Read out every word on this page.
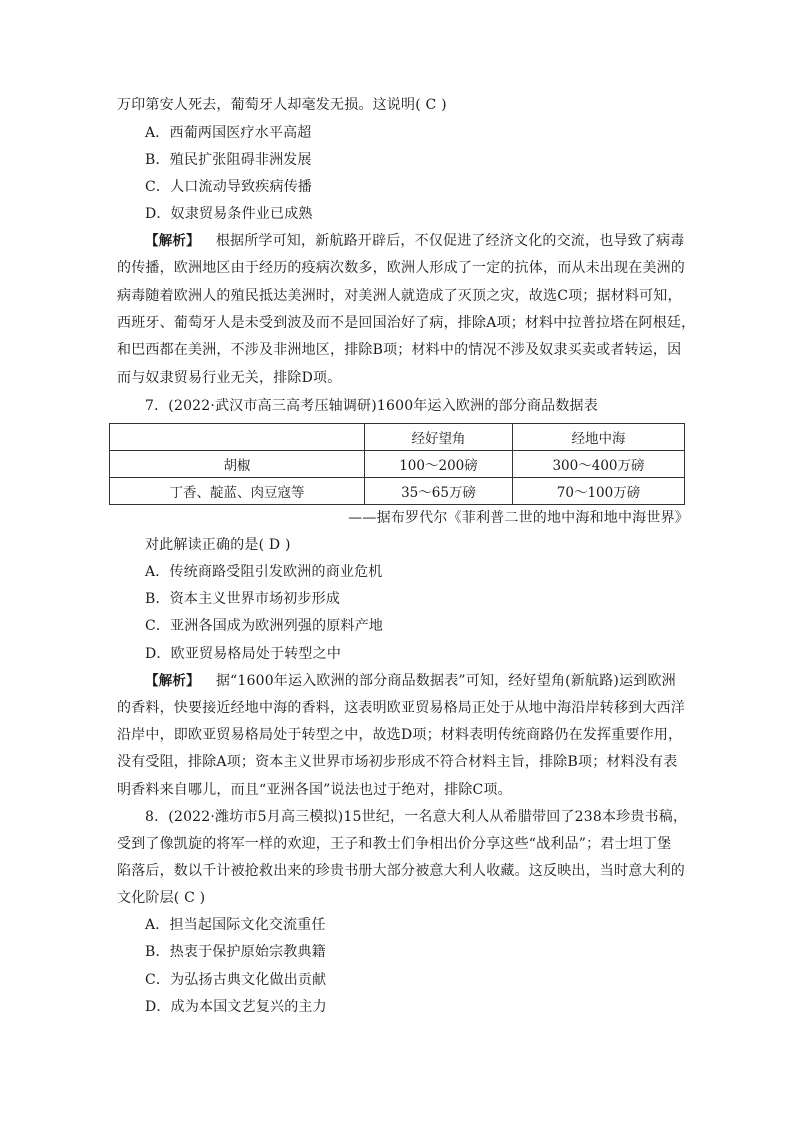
万印第安人死去，葡萄牙人却毫发无损。这说明( C )
A．西葡两国医疗水平高超
B．殖民扩张阻碍非洲发展
C．人口流动导致疾病传播
D．奴隶贸易条件业已成熟
【解析】 根据所学可知，新航路开辟后，不仅促进了经济文化的交流，也导致了病毒
的传播，欧洲地区由于经历的疫病次数多，欧洲人形成了一定的抗体，而从未出现在美洲的
病毒随着欧洲人的殖民抵达美洲时，对美洲人就造成了灭顶之灾，故选C项；据材料可知，
西班牙、葡萄牙人是未受到波及而不是回国治好了病，排除A项；材料中拉普拉塔在阿根廷，
和巴西都在美洲，不涉及非洲地区，排除B项；材料中的情况不涉及奴隶买卖或者转运，因
而与奴隶贸易行业无关，排除D项。
7．(2022·武汉市高三高考压轴调研)1600年运入欧洲的部分商品数据表
	经好望角	经地中海
胡椒	100～200磅	300～400万磅
丁香、靛蓝、肉豆寇等	35～65万磅	70～100万磅
——据布罗代尔《菲利普二世的地中海和地中海世界》
对此解读正确的是( D )
A．传统商路受阻引发欧洲的商业危机
B．资本主义世界市场初步形成
C．亚洲各国成为欧洲列强的原料产地
D．欧亚贸易格局处于转型之中
【解析】 据“1600年运入欧洲的部分商品数据表”可知，经好望角(新航路)运到欧洲
的香料，快要接近经地中海的香料，这表明欧亚贸易格局正处于从地中海沿岸转移到大西洋
沿岸中，即欧亚贸易格局处于转型之中，故选D项；材料表明传统商路仍在发挥重要作用，
没有受阻，排除A项；资本主义世界市场初步形成不符合材料主旨，排除B项；材料没有表
明香料来自哪儿，而且“亚洲各国”说法也过于绝对，排除C项。
8．(2022·潍坊市5月高三模拟)15世纪，一名意大利人从希腊带回了238本珍贵书稿，
受到了像凯旋的将军一样的欢迎，王子和教士们争相出价分享这些“战利品”；君士坦丁堡
陷落后，数以千计被抢救出来的珍贵书册大部分被意大利人收藏。这反映出，当时意大利的
文化阶层( C )
A．担当起国际文化交流重任
B．热衷于保护原始宗教典籍
C．为弘扬古典文化做出贡献
D．成为本国文艺复兴的主力
